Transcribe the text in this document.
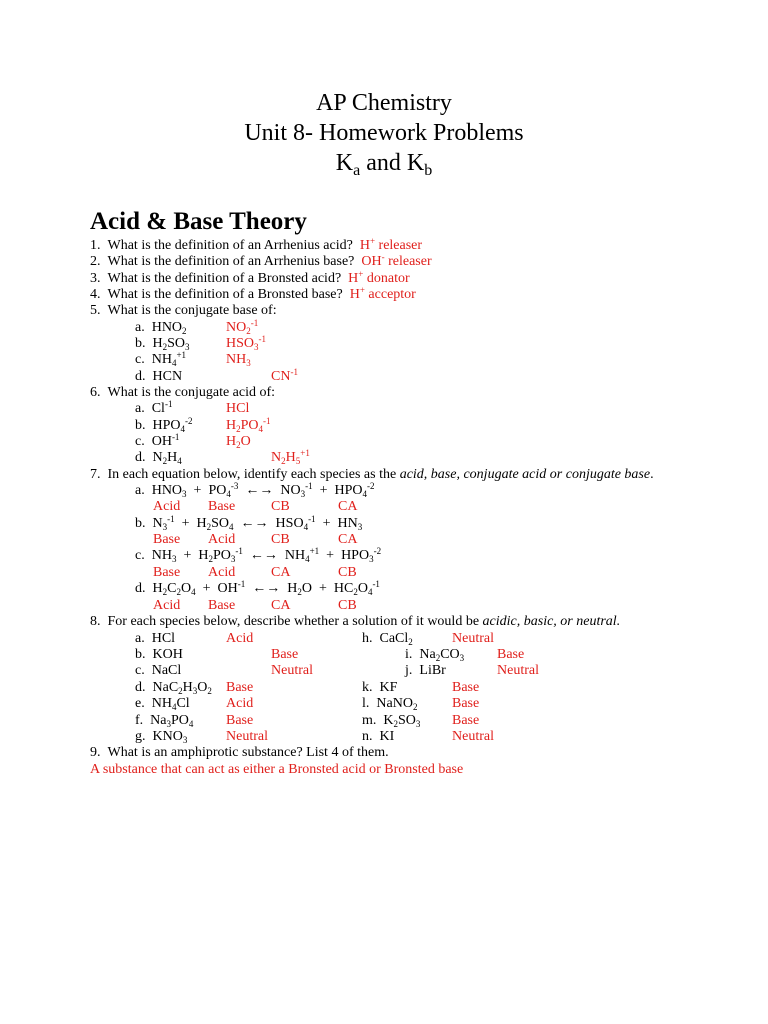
AP Chemistry
Unit 8- Homework Problems
$K_a$ and $K_b$
Acid & Base Theory
1. What is the definition of an Arrhenius acid? H+ releaser
2. What is the definition of an Arrhenius base? OH- releaser
3. What is the definition of a Bronsted acid? H+ donator
4. What is the definition of a Bronsted base? H+ acceptor
5. What is the conjugate base of:
a.  $HNO_2$	$NO_2^{-1}$
b.  $H_2SO_3$	$HSO_3^{-1}$
c.  $NH_4^{+1}$	$NH_3$
d.  HCN	$CN^{-1}$
6. What is the conjugate acid of:
a.  $Cl^{-1}$	HCl
b.  $HPO_4^{-2}$ $H_2PO_4^{-1}$
c.  $OH^{-1}$	$H_2O$
d.  $N_2H_4$	$N_2H_5^{+1}$
7. In each equation below, identify each species as the acid, base, conjugate acid or conjugate base.
a.  $HNO_3 + PO_4^{-3}$  ←→  $NO_3^{-1} + HPO_4^{-2}$
Acid Base	CB	CA
b.  $N_3^{-1} + H_2SO_4$  ←→  $HSO_4^{-1} + HN_3$
Base Acid	CB	CA
c.  $NH_3 + H_2PO_3^{-1}$  ←→  $NH_4^{+1} + HPO_3^{-2}$
Base Acid	CA	CB
d.  $H_2C_2O_4 + OH^{-1}$  ←→  $H_2O + HC_2O_4^{-1}$
Acid Base	CA	CB
8. For each species below, describe whether a solution of it would be acidic, basic, or neutral.
a.  HCl	Acid
b.  KOH	Base
c.  NaCl	Neutral
d.  $NaC_2H_3O_2$ Base
e.  $NH_4Cl$	Acid
f.  $Na_3PO_4$ Base
g.  $KNO_3$	Neutral
h.  CaCl$_2$	Neutral
i.  $Na_2CO_3$ Base
j.  LiBr	Neutral
k.  KF	Base
l.  NaNO$_2$ Base
m.  $K_2SO_3$ Base
n.  KI	Neutral
9. What is an amphiprotic substance? List 4 of them.
A substance that can act as either a Bronsted acid or Bronsted base
